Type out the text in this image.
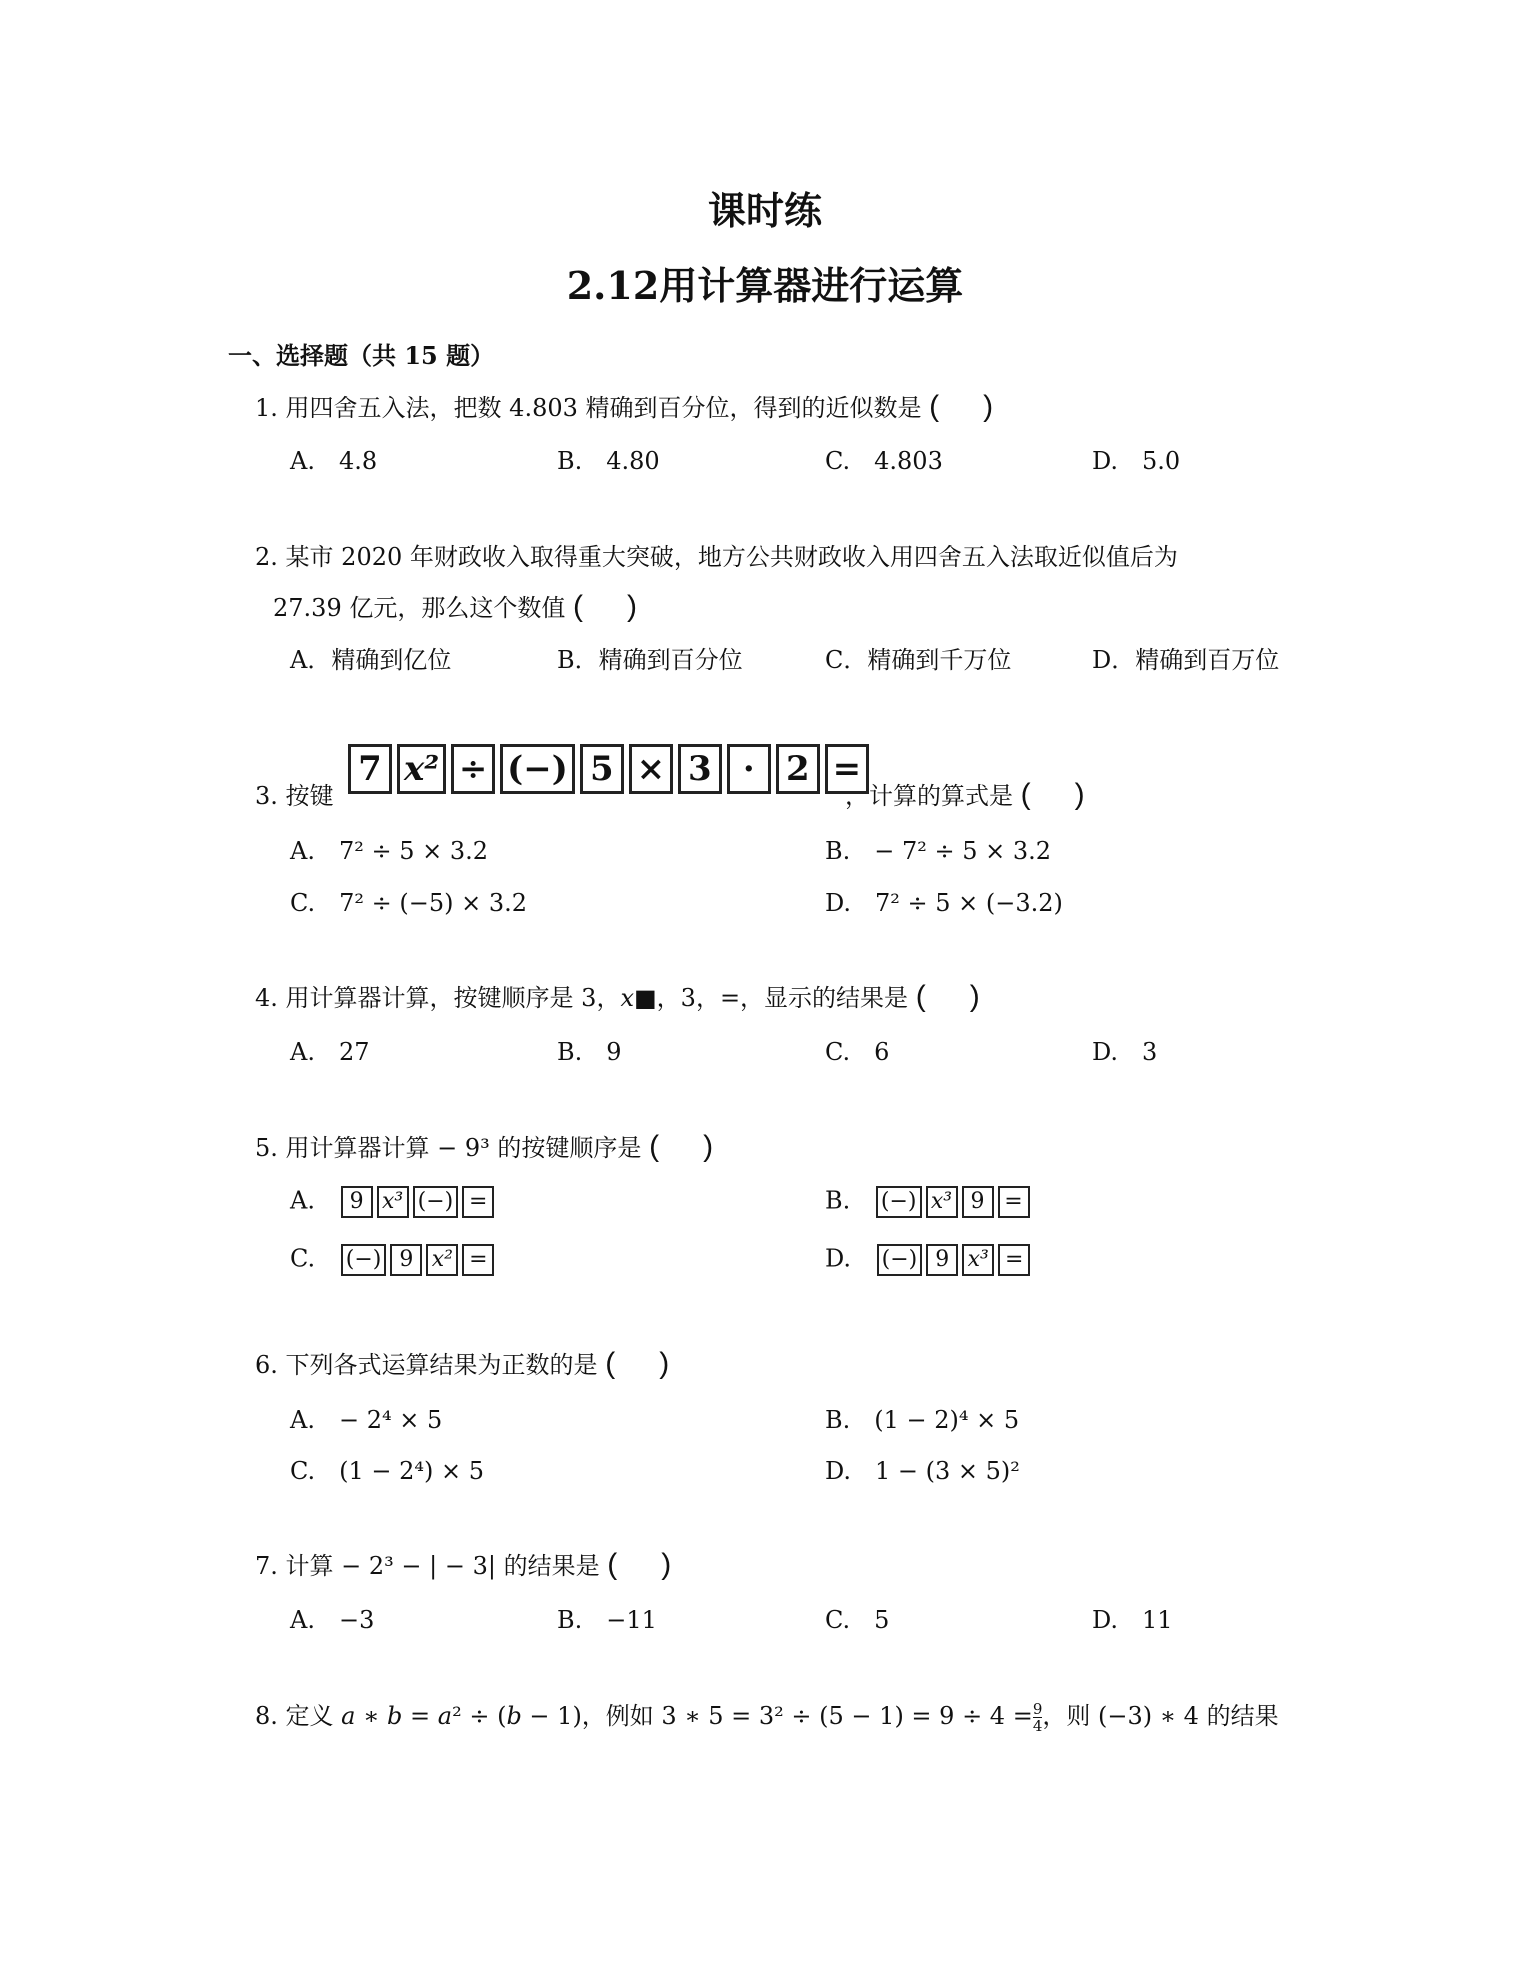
课时练
2.12用计算器进行运算
一、选择题（共 15 题）
1. 用四舍五入法，把数 4.803 精确到百分位，得到的近似数是 ( )
A.　4.8	B.　4.80	C.　4.803	D.　5.0
2. 某市 2020 年财政收入取得重大突破，地方公共财政收入用四舍五入法取近似值后为
27.39 亿元，那么这个数值 ( )
A．精确到亿位	B．精确到百分位	C．精确到千万位	D．精确到百万位
3. 按键
7 x² ÷ (−) 5 × 3 · 2 =
，计算的算式是 ( )
A.　7² ÷ 5 × 3.2	B.　− 7² ÷ 5 × 3.2
C.　7² ÷ (−5) × 3.2	D.　7² ÷ 5 × (−3.2)
4. 用计算器计算，按键顺序是 3，x■，3，=，显示的结果是 ( )
A.　27	B.　9	C.　6	D.　3
5. 用计算器计算 − 9³ 的按键顺序是 ( )
A. 9 x³ (−) =	B. (−) x³ 9 =
C. (−) 9 x² =	D. (−) 9 x³ =
6. 下列各式运算结果为正数的是 ( )
A.　− 2⁴ × 5	B.　(1 − 2)⁴ × 5
C.　(1 − 2⁴) × 5	D.　1 − (3 × 5)²
7. 计算 − 2³ − | − 3| 的结果是 ( )
A.　−3	B.　−11	C.　5	D.　11
8. 定义 𝑎 ∗ 𝑏 = 𝑎² ÷ (𝑏 − 1)，例如 3 ∗ $5 = 3^2 \div (5 - 1) = 9 \div 4 = \frac{9}{4}$ ，则 (−3) ∗ 4 的结果
